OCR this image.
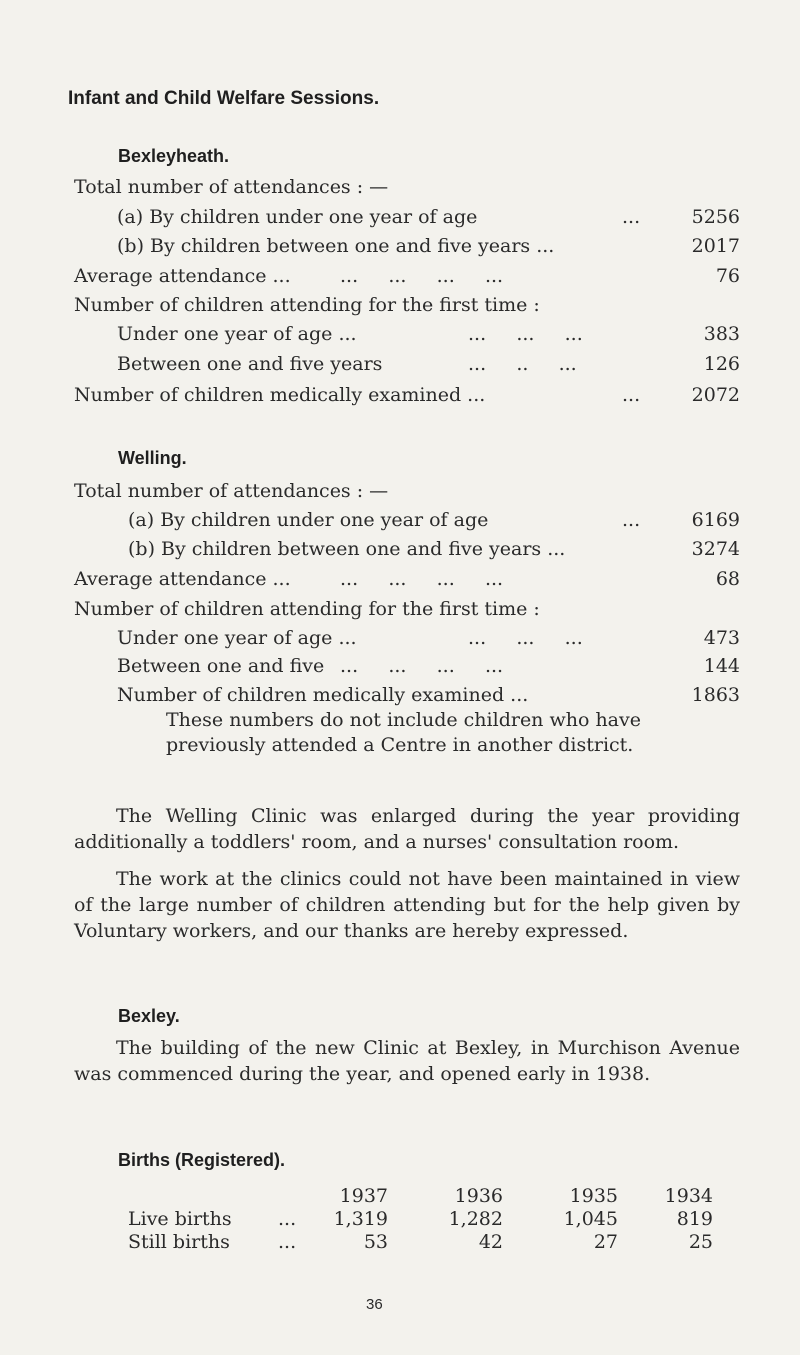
Infant and Child Welfare Sessions.
Bexleyheath.
Total number of attendances : —
(a) By children under one year of age	...	5256
(b) By children between one and five years ...	2017
Average attendance ...	...     ...     ...     ...	76
Number of children attending for the first time :
Under one year of age ...	...     ...     ...	383
Between one and five years	...     ..     ...	126
Number of children medically examined ...	...	2072
Welling.
Total number of attendances : —
(a) By children under one year of age	...	6169
(b) By children between one and five years ...	3274
Average attendance ...	...     ...     ...     ...	68
Number of children attending for the first time :
Under one year of age ...	...     ...     ...	473
Between one and five ...     ...     ...     ...	144
Number of children medically examined ...	1863
These numbers do not include children who have previously attended a Centre in another district.
The Welling Clinic was enlarged during the year providing additionally a toddlers' room, and a nurses' consultation room.
The work at the clinics could not have been maintained in view of the large number of children attending but for the help given by Voluntary workers, and our thanks are hereby expressed.
Bexley.
The building of the new Clinic at Bexley, in Murchison Avenue was commenced during the year, and opened early in 1938.
Births (Registered).
		1937	1936	1935	1934
Live births	...	1,319	1,282	1,045	819
Still births	...	53	42	27	25
36
